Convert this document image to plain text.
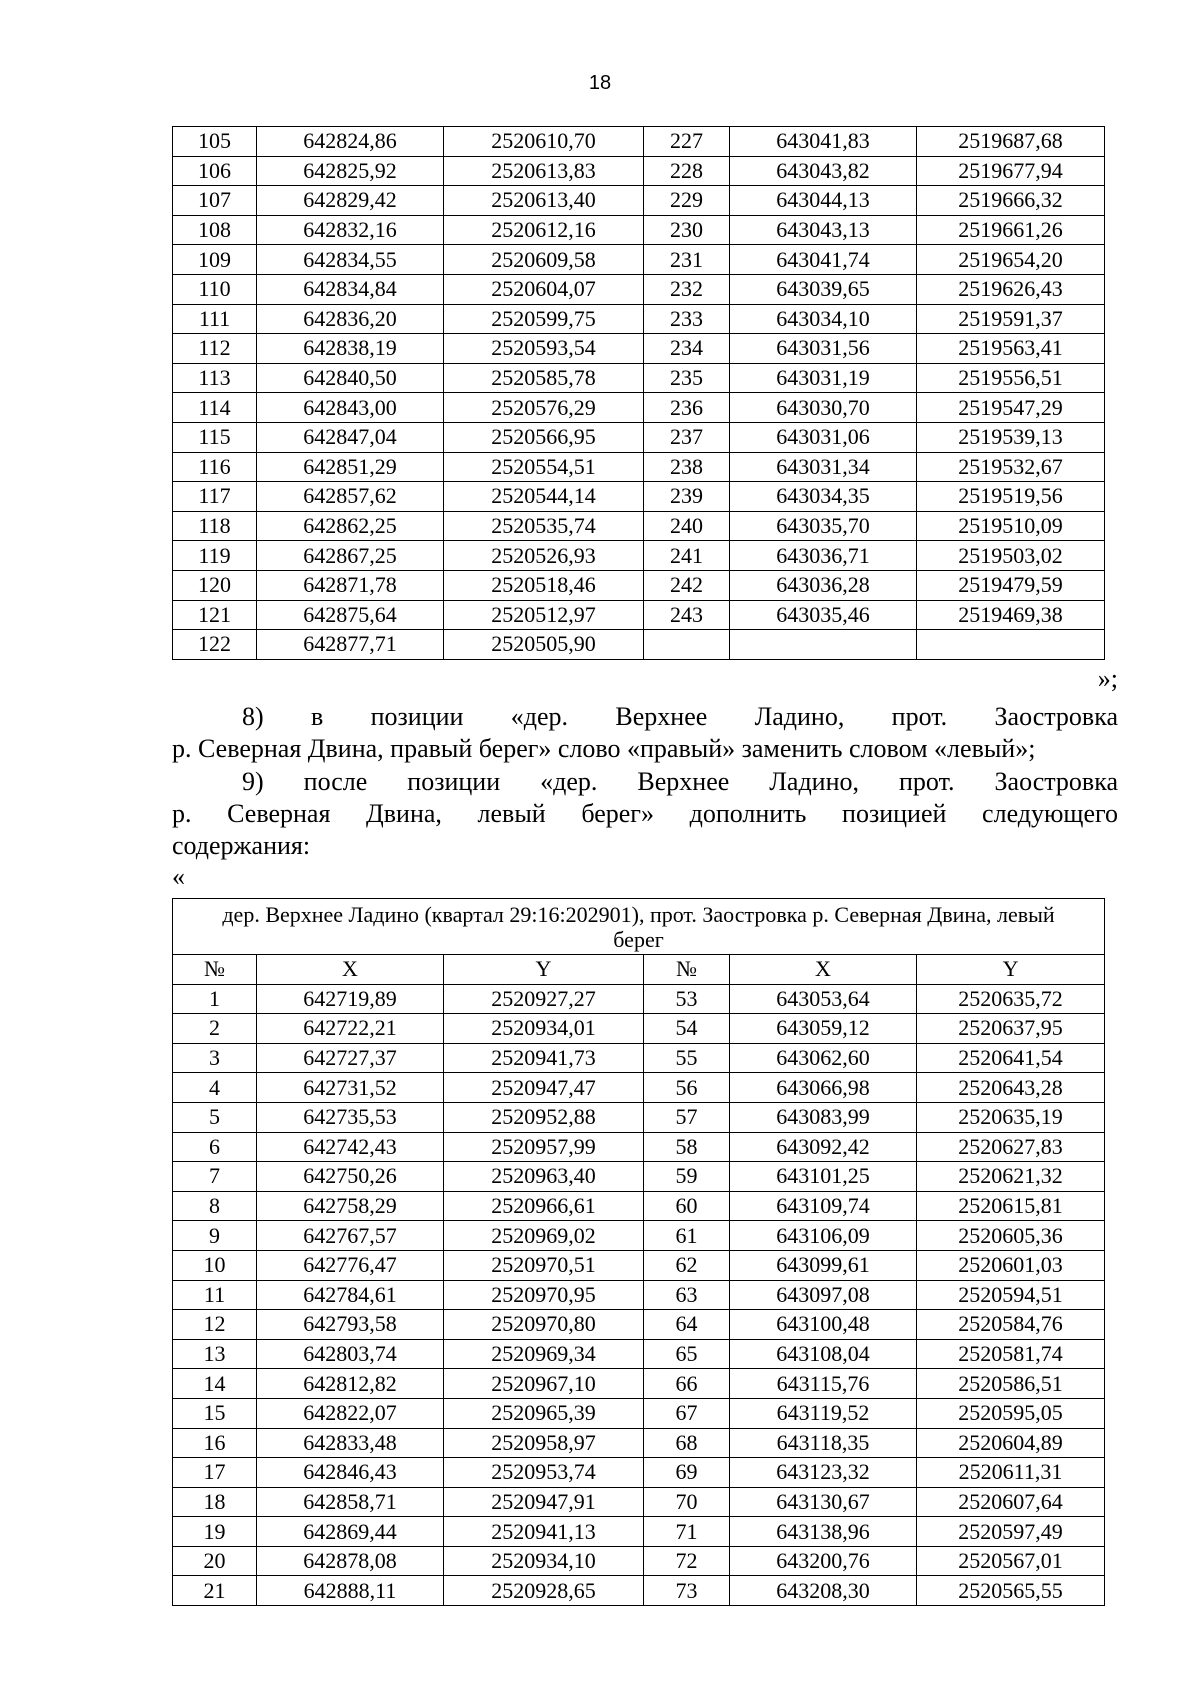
18
105	642824,86	2520610,70	227	643041,83	2519687,68
106	642825,92	2520613,83	228	643043,82	2519677,94
107	642829,42	2520613,40	229	643044,13	2519666,32
108	642832,16	2520612,16	230	643043,13	2519661,26
109	642834,55	2520609,58	231	643041,74	2519654,20
110	642834,84	2520604,07	232	643039,65	2519626,43
111	642836,20	2520599,75	233	643034,10	2519591,37
112	642838,19	2520593,54	234	643031,56	2519563,41
113	642840,50	2520585,78	235	643031,19	2519556,51
114	642843,00	2520576,29	236	643030,70	2519547,29
115	642847,04	2520566,95	237	643031,06	2519539,13
116	642851,29	2520554,51	238	643031,34	2519532,67
117	642857,62	2520544,14	239	643034,35	2519519,56
118	642862,25	2520535,74	240	643035,70	2519510,09
119	642867,25	2520526,93	241	643036,71	2519503,02
120	642871,78	2520518,46	242	643036,28	2519479,59
121	642875,64	2520512,97	243	643035,46	2519469,38
122	642877,71	2520505,90			
»;
8) в позиции «дер. Верхнее Ладино, прот. Заостровка
р. Северная Двина, правый берег» слово «правый» заменить словом «левый»;
9) после позиции «дер. Верхнее Ладино, прот. Заостровка
р. Северная Двина, левый берег» дополнить позицией следующего
содержания:
«
дер. Верхнее Ладино (квартал 29:16:202901), прот. Заостровка р. Северная Двина, левый берег					
№	X	Y	№	X	Y
1	642719,89	2520927,27	53	643053,64	2520635,72
2	642722,21	2520934,01	54	643059,12	2520637,95
3	642727,37	2520941,73	55	643062,60	2520641,54
4	642731,52	2520947,47	56	643066,98	2520643,28
5	642735,53	2520952,88	57	643083,99	2520635,19
6	642742,43	2520957,99	58	643092,42	2520627,83
7	642750,26	2520963,40	59	643101,25	2520621,32
8	642758,29	2520966,61	60	643109,74	2520615,81
9	642767,57	2520969,02	61	643106,09	2520605,36
10	642776,47	2520970,51	62	643099,61	2520601,03
11	642784,61	2520970,95	63	643097,08	2520594,51
12	642793,58	2520970,80	64	643100,48	2520584,76
13	642803,74	2520969,34	65	643108,04	2520581,74
14	642812,82	2520967,10	66	643115,76	2520586,51
15	642822,07	2520965,39	67	643119,52	2520595,05
16	642833,48	2520958,97	68	643118,35	2520604,89
17	642846,43	2520953,74	69	643123,32	2520611,31
18	642858,71	2520947,91	70	643130,67	2520607,64
19	642869,44	2520941,13	71	643138,96	2520597,49
20	642878,08	2520934,10	72	643200,76	2520567,01
21	642888,11	2520928,65	73	643208,30	2520565,55
